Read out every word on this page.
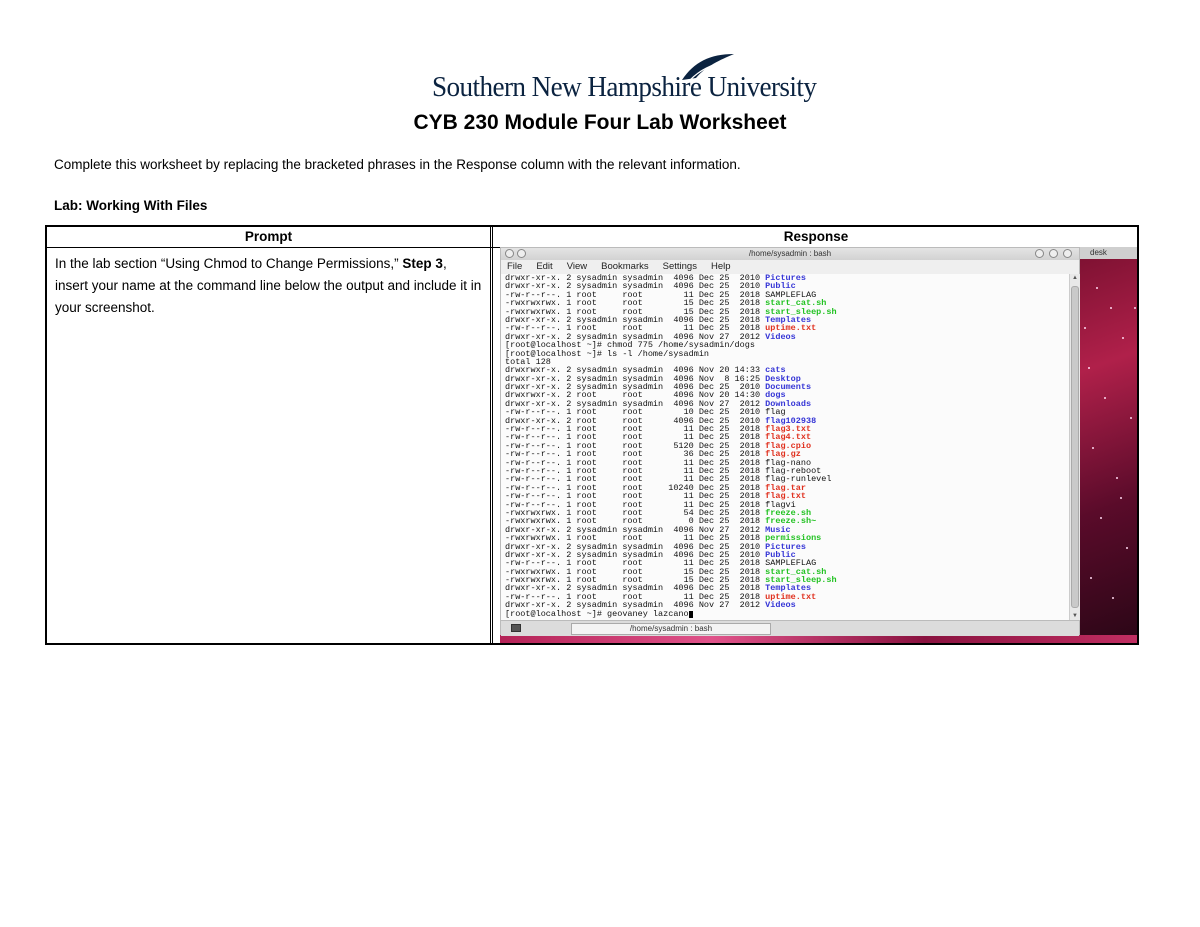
Southern New Hampshire University
CYB 230 Module Four Lab Worksheet
Complete this worksheet by replacing the bracketed phrases in the Response column with the relevant information.
Lab: Working With Files
Prompt	Response
In the lab section “Using Chmod to Change Permissions,” Step 3, insert your name at the command line below the output and include it in your screenshot.
desk
/home/sysadmin : bash
File Edit View Bookmarks Settings Help
drwxr-xr-x. 2 sysadmin sysadmin  4096 Dec 25  2010 Pictures
drwxr-xr-x. 2 sysadmin sysadmin  4096 Dec 25  2010 Public
-rw-r--r--. 1 root     root        11 Dec 25  2018 SAMPLEFLAG
-rwxrwxrwx. 1 root     root        15 Dec 25  2018 start_cat.sh
-rwxrwxrwx. 1 root     root        15 Dec 25  2018 start_sleep.sh
drwxr-xr-x. 2 sysadmin sysadmin  4096 Dec 25  2018 Templates
-rw-r--r--. 1 root     root        11 Dec 25  2018 uptime.txt
drwxr-xr-x. 2 sysadmin sysadmin  4096 Nov 27  2012 Videos
[root@localhost ~]# chmod 775 /home/sysadmin/dogs
[root@localhost ~]# ls -l /home/sysadmin
total 128
drwxrwxr-x. 2 sysadmin sysadmin  4096 Nov 20 14:33 cats
drwxr-xr-x. 2 sysadmin sysadmin  4096 Nov  8 16:25 Desktop
drwxr-xr-x. 2 sysadmin sysadmin  4096 Dec 25  2010 Documents
drwxrwxr-x. 2 root     root      4096 Nov 20 14:30 dogs
drwxr-xr-x. 2 sysadmin sysadmin  4096 Nov 27  2012 Downloads
-rw-r--r--. 1 root     root        10 Dec 25  2010 flag
drwxr-xr-x. 2 root     root      4096 Dec 25  2010 flag102938
-rw-r--r--. 1 root     root        11 Dec 25  2018 flag3.txt
-rw-r--r--. 1 root     root        11 Dec 25  2018 flag4.txt
-rw-r--r--. 1 root     root      5120 Dec 25  2018 flag.cpio
-rw-r--r--. 1 root     root        36 Dec 25  2018 flag.gz
-rw-r--r--. 1 root     root        11 Dec 25  2018 flag-nano
-rw-r--r--. 1 root     root        11 Dec 25  2018 flag-reboot
-rw-r--r--. 1 root     root        11 Dec 25  2018 flag-runlevel
-rw-r--r--. 1 root     root     10240 Dec 25  2018 flag.tar
-rw-r--r--. 1 root     root        11 Dec 25  2018 flag.txt
-rw-r--r--. 1 root     root        11 Dec 25  2018 flagvi
-rwxrwxrwx. 1 root     root        54 Dec 25  2018 freeze.sh
-rwxrwxrwx. 1 root     root         0 Dec 25  2018 freeze.sh~
drwxr-xr-x. 2 sysadmin sysadmin  4096 Nov 27  2012 Music
-rwxrwxrwx. 1 root     root        11 Dec 25  2018 permissions
drwxr-xr-x. 2 sysadmin sysadmin  4096 Dec 25  2010 Pictures
drwxr-xr-x. 2 sysadmin sysadmin  4096 Dec 25  2010 Public
-rw-r--r--. 1 root     root        11 Dec 25  2018 SAMPLEFLAG
-rwxrwxrwx. 1 root     root        15 Dec 25  2018 start_cat.sh
-rwxrwxrwx. 1 root     root        15 Dec 25  2018 start_sleep.sh
drwxr-xr-x. 2 sysadmin sysadmin  4096 Dec 25  2018 Templates
-rw-r--r--. 1 root     root        11 Dec 25  2018 uptime.txt
drwxr-xr-x. 2 sysadmin sysadmin  4096 Nov 27  2012 Videos
[root@localhost ~]# geovaney lazcano
▲
▼
/home/sysadmin : bash
